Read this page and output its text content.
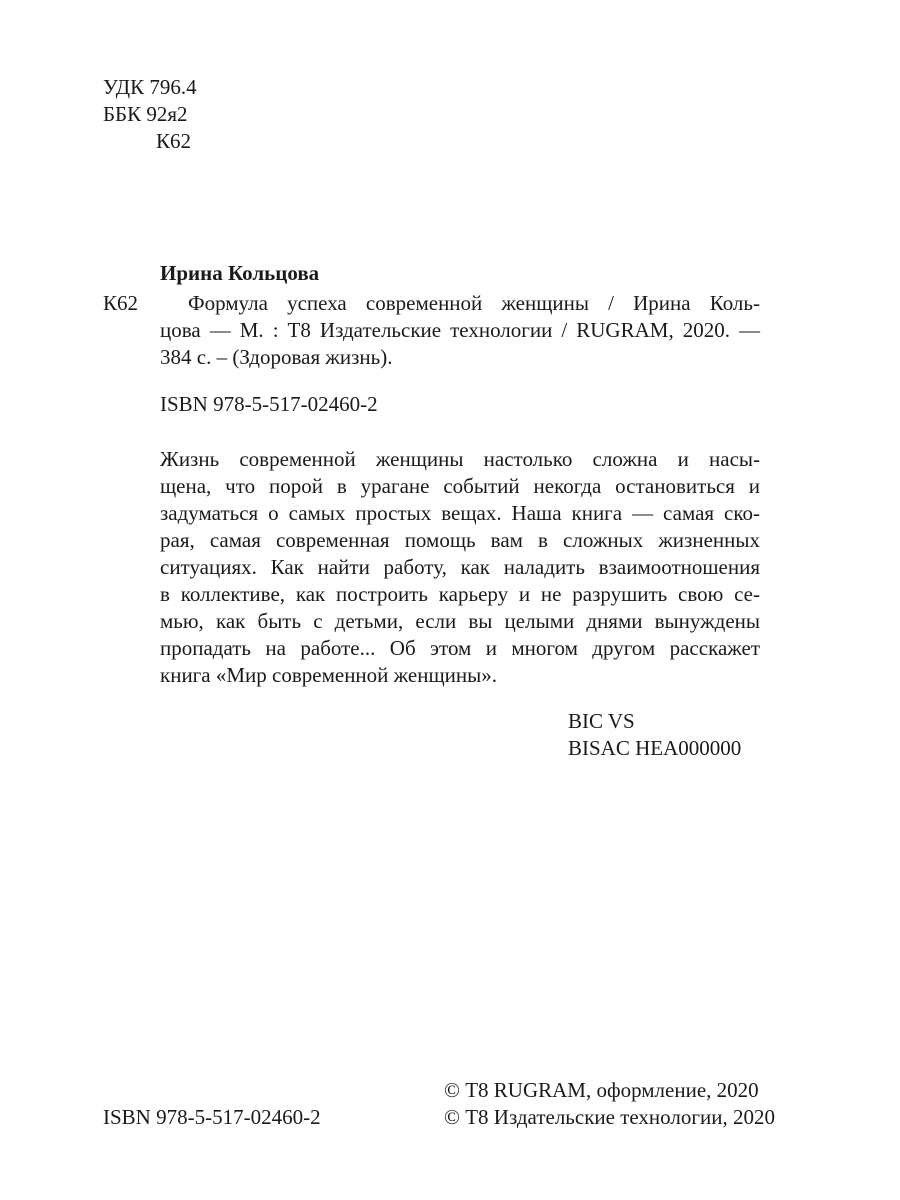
УДК 796.4
ББК 92я2
К62
Ирина Кольцова
К62	Формула успеха современной женщины / Ирина Коль-
цова — М. : Т8 Издательские технологии / RUGRAM, 2020. —
384 с. – (Здоровая жизнь).
ISBN 978-5-517-02460-2
Жизнь современной женщины настолько сложна и насы-
щена, что порой в урагане событий некогда остановиться и
задуматься о самых простых вещах. Наша книга — самая ско-
рая, самая современная помощь вам в сложных жизненных
ситуациях. Как найти работу, как наладить взаимоотношения
в коллективе, как построить карьеру и не разрушить свою се-
мью, как быть с детьми, если вы целыми днями вынуждены
пропадать на работе... Об этом и многом другом расскажет
книга «Мир современной женщины».
BIC VS
BISAC HEA000000
© Т8 RUGRAM, оформление, 2020
ISBN 978-5-517-02460-2	© Т8 Издательские технологии, 2020
